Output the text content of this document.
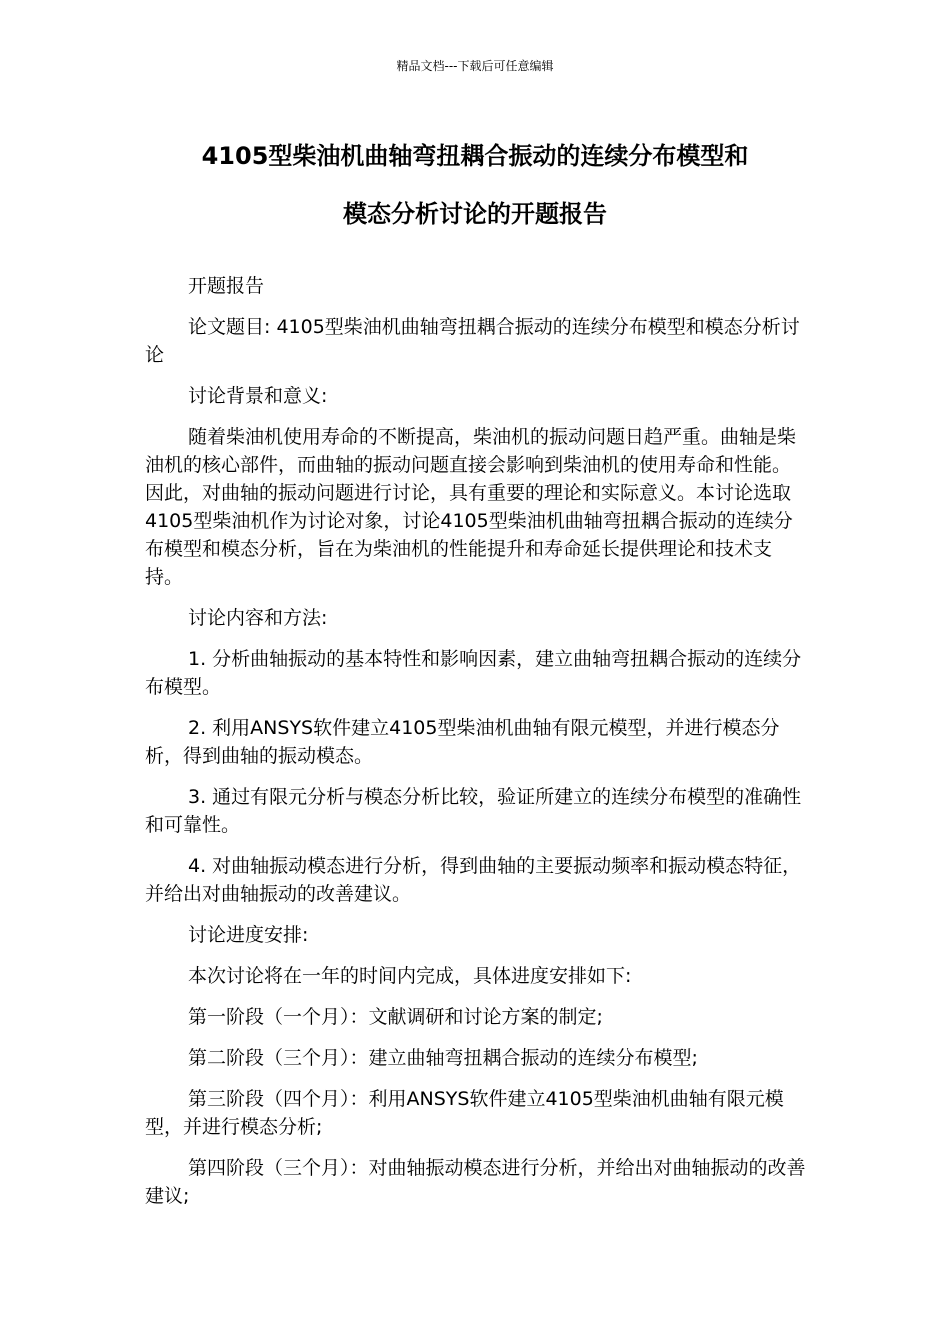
精品文档---下载后可任意编辑
4105型柴油机曲轴弯扭耦合振动的连续分布模型和
模态分析讨论的开题报告

开题报告

论文题目: 4105型柴油机曲轴弯扭耦合振动的连续分布模型和模态分析讨论

讨论背景和意义:

随着柴油机使用寿命的不断提高，柴油机的振动问题日趋严重。曲轴是柴油机的核心部件，而曲轴的振动问题直接会影响到柴油机的使用寿命和性能。因此，对曲轴的振动问题进行讨论，具有重要的理论和实际意义。本讨论选取4105型柴油机作为讨论对象，讨论4105型柴油机曲轴弯扭耦合振动的连续分布模型和模态分析，旨在为柴油机的性能提升和寿命延长提供理论和技术支持。

讨论内容和方法:

1. 分析曲轴振动的基本特性和影响因素，建立曲轴弯扭耦合振动的连续分布模型。

2. 利用ANSYS软件建立4105型柴油机曲轴有限元模型，并进行模态分析，得到曲轴的振动模态。

3. 通过有限元分析与模态分析比较，验证所建立的连续分布模型的准确性和可靠性。

4. 对曲轴振动模态进行分析，得到曲轴的主要振动频率和振动模态特征，并给出对曲轴振动的改善建议。

讨论进度安排:

本次讨论将在一年的时间内完成，具体进度安排如下:

第一阶段（一个月）：文献调研和讨论方案的制定;

第二阶段（三个月）：建立曲轴弯扭耦合振动的连续分布模型;

第三阶段（四个月）：利用ANSYS软件建立4105型柴油机曲轴有限元模型，并进行模态分析;

第四阶段（三个月）：对曲轴振动模态进行分析，并给出对曲轴振动的改善建议;
